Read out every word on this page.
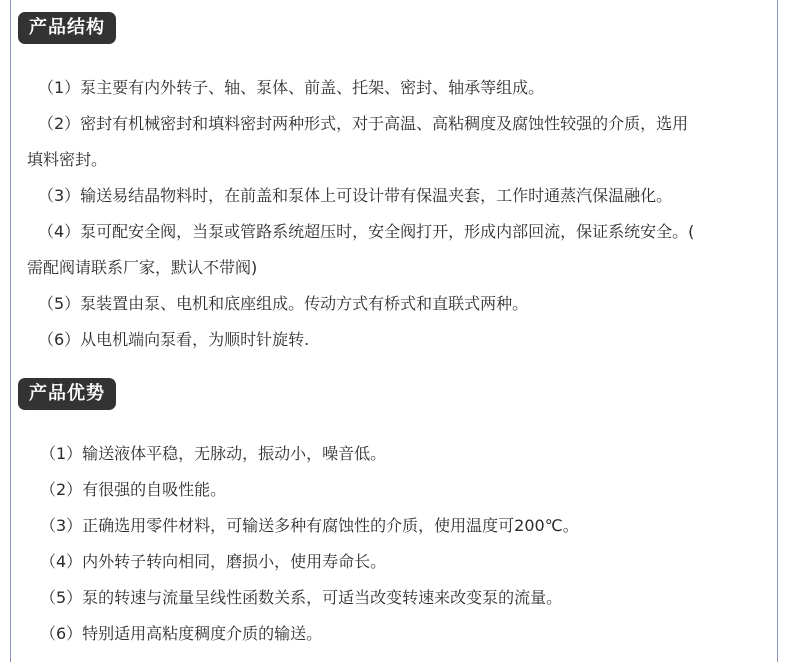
产品结构
（1）泵主要有内外转子、轴、泵体、前盖、托架、密封、轴承等组成。
（2）密封有机械密封和填料密封两种形式，对于高温、高粘稠度及腐蚀性较强的介质，选用
填料密封。
（3）输送易结晶物料时，在前盖和泵体上可设计带有保温夹套，工作时通蒸汽保温融化。
（4）泵可配安全阀，当泵或管路系统超压时，安全阀打开，形成内部回流，保证系统安全。(
需配阀请联系厂家，默认不带阀)
（5）泵装置由泵、电机和底座组成。传动方式有桥式和直联式两种。
（6）从电机端向泵看，为顺时针旋转.
产品优势
（1）输送液体平稳，无脉动，振动小，噪音低。
（2）有很强的自吸性能。
（3）正确选用零件材料，可输送多种有腐蚀性的介质，使用温度可200℃。
（4）内外转子转向相同，磨损小，使用寿命长。
（5）泵的转速与流量呈线性函数关系，可适当改变转速来改变泵的流量。
（6）特别适用高粘度稠度介质的输送。
